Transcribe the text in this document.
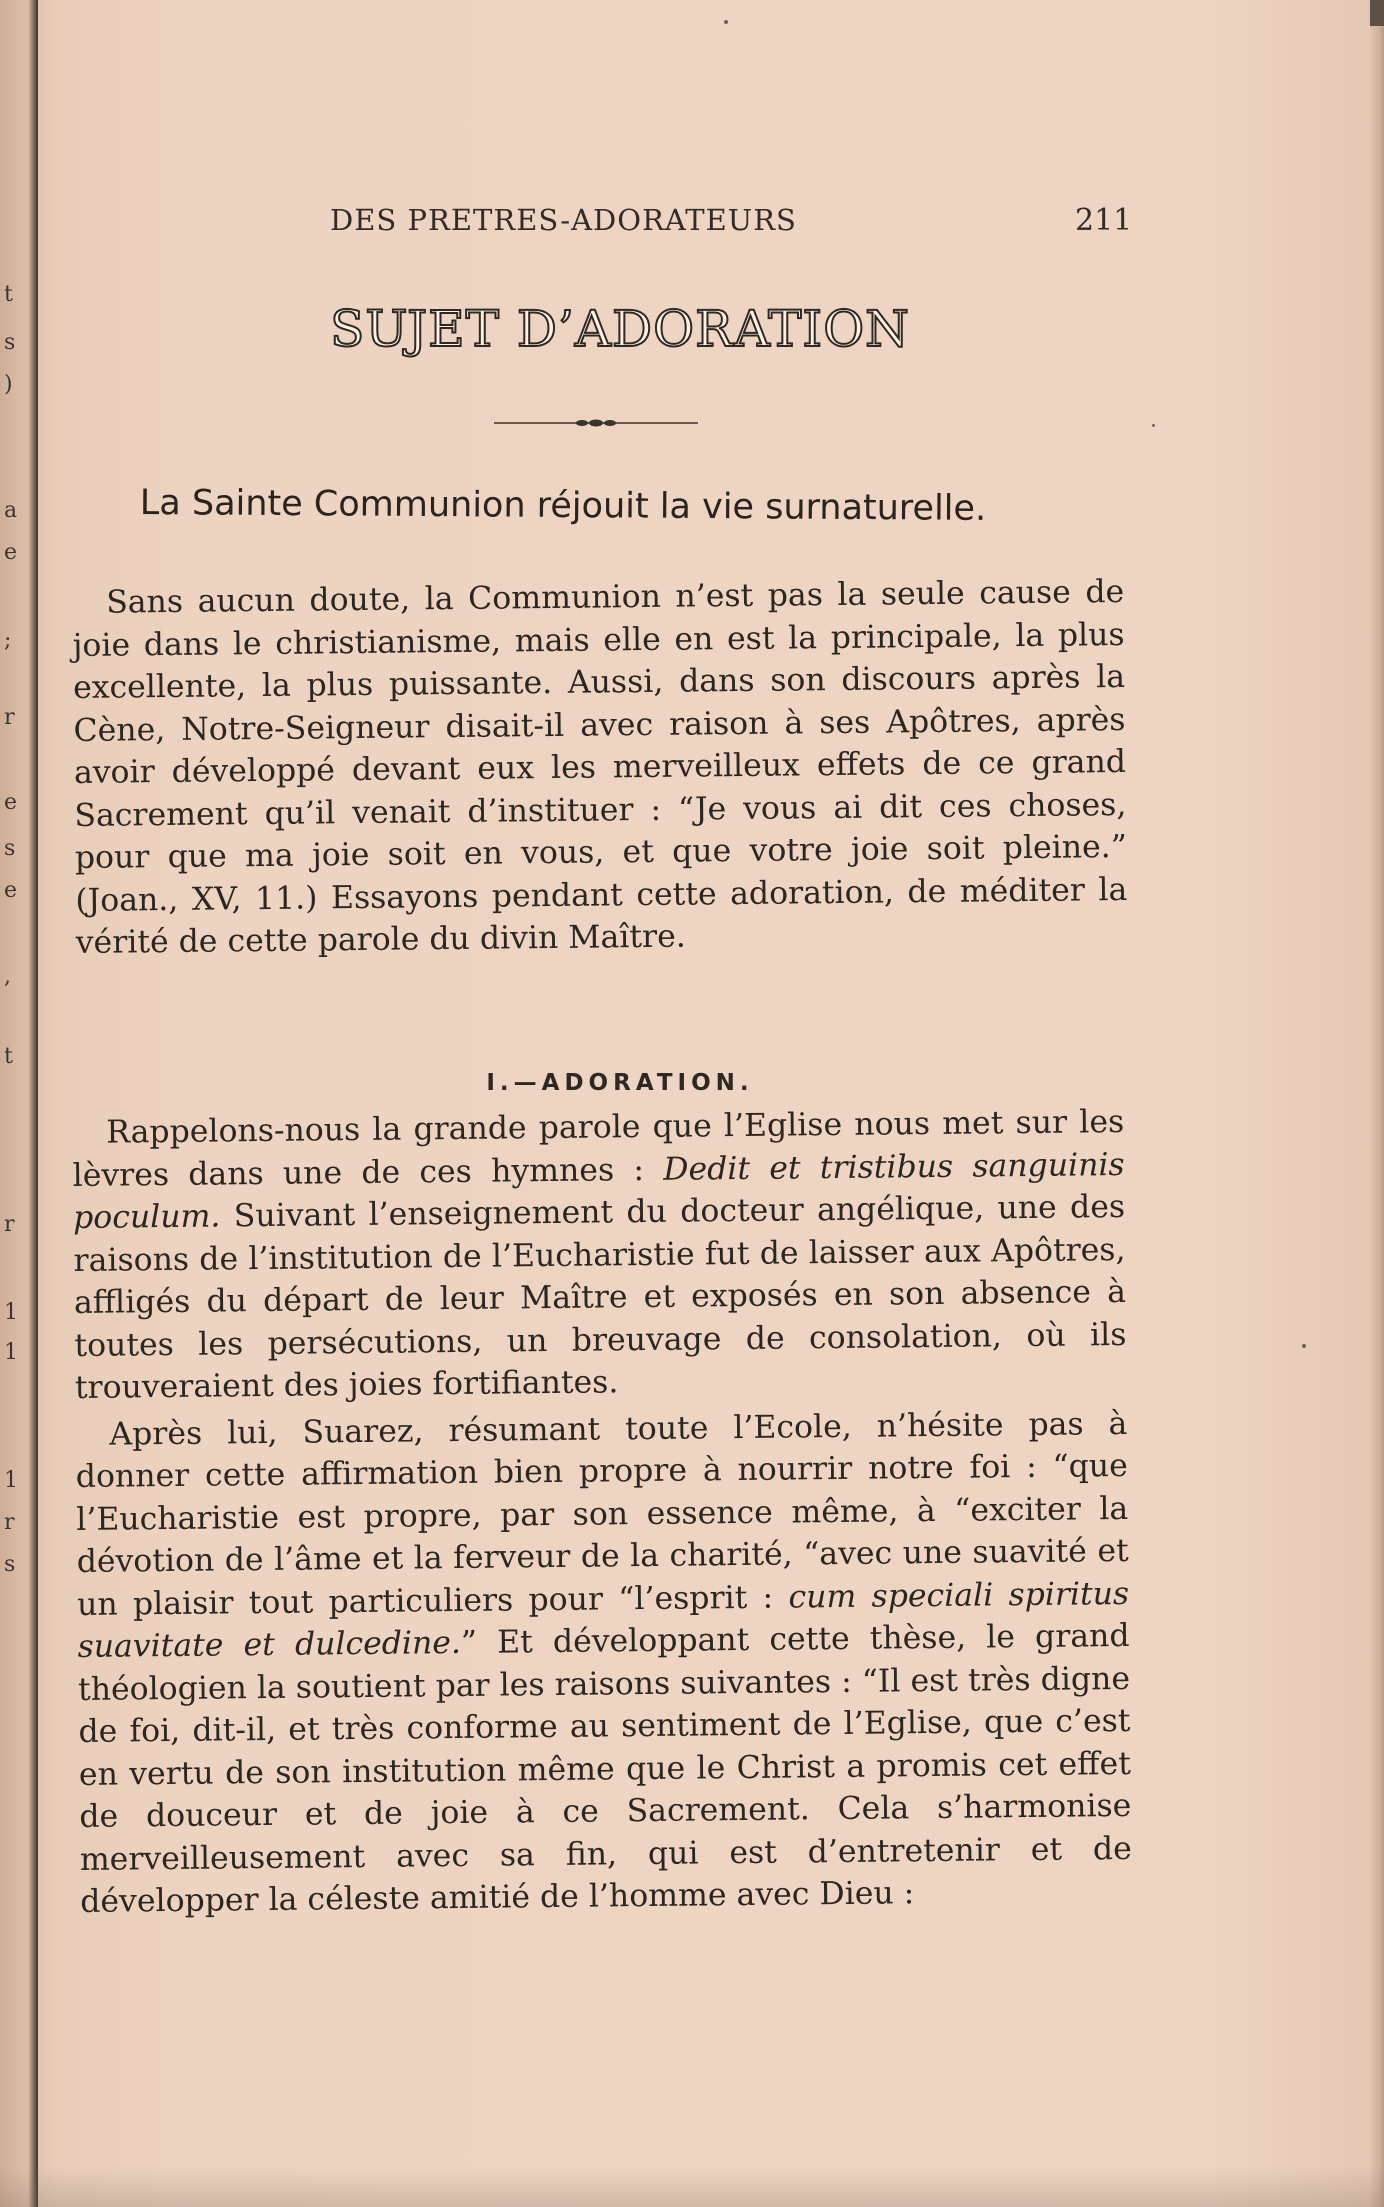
t
s
)
a
e
;
r
e
s
e
,
t
r
1
1
1
r
s
DES PRETRES-ADORATEURS	211
SUJET D’ADORATION
La Sainte Communion réjouit la vie surnaturelle.

Sans aucun doute, la Communion n’est pas la seule cause de joie dans le christianisme, mais elle en est la principale, la plus excellente, la plus puissante. Aussi, dans son discours après la Cène, Notre-Seigneur disait-il avec raison à ses Apôtres, après avoir développé devant eux les merveilleux effets de ce grand Sacrement qu’il venait d’instituer : “Je vous ai dit ces choses, pour que ma joie soit en vous, et que votre joie soit pleine.” (Joan., XV, 11.) Essayons pendant cette adoration, de méditer la vérité de cette parole du divin Maître.

I.—ADORATION.

Rappelons-nous la grande parole que l’Eglise nous met sur les lèvres dans une de ces hymnes : Dedit et tristibus sanguinis poculum. Suivant l’enseignement du docteur angélique, une des raisons de l’institution de l’Eucharistie fut de laisser aux Apôtres, affligés du départ de leur Maître et exposés en son absence à toutes les persécutions, un breuvage de consolation, où ils trouveraient des joies fortifiantes.

Après lui, Suarez, résumant toute l’Ecole, n’hésite pas à donner cette affirmation bien propre à nourrir notre foi : “que l’Eucharistie est propre, par son essence même, à “exciter la dévotion de l’âme et la ferveur de la charité, “avec une suavité et un plaisir tout particuliers pour “l’esprit : cum speciali spiritus suavitate et dulcedine.” Et développant cette thèse, le grand théologien la soutient par les raisons suivantes : “Il est très digne de foi, dit-il, et très conforme au sentiment de l’Eglise, que c’est en vertu de son institution même que le Christ a promis cet effet de douceur et de joie à ce Sacrement. Cela s’harmonise merveilleusement avec sa fin, qui est d’entretenir et de développer la céleste amitié de l’homme avec Dieu :
